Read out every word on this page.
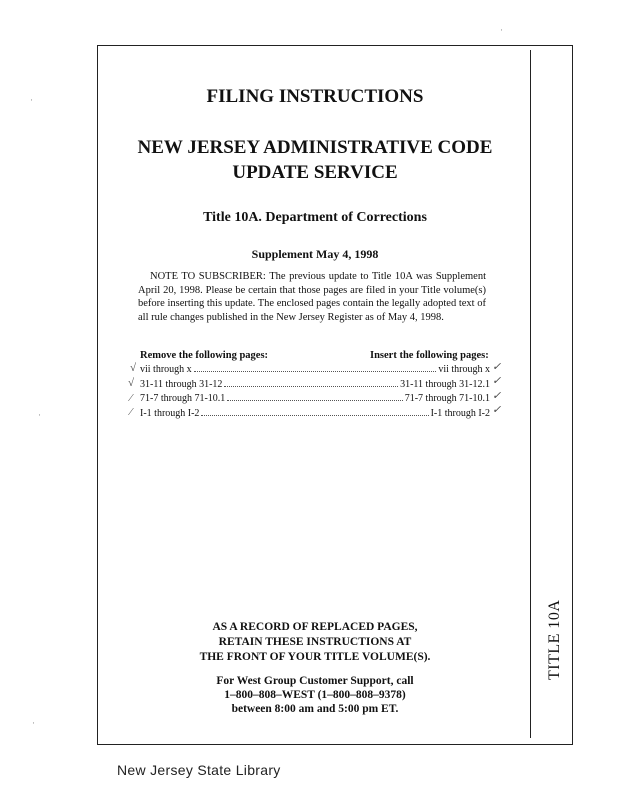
TITLE 10A
FILING INSTRUCTIONS
NEW JERSEY ADMINISTRATIVE CODE
UPDATE SERVICE
Title 10A. Department of Corrections
Supplement May 4, 1998
NOTE TO SUBSCRIBER: The previous update to Title 10A was Supplement April 20, 1998. Please be certain that those pages are filed in your Title volume(s) before inserting this update. The enclosed pages contain the legally adopted text of all rule changes published in the New Jersey Register as of May 4, 1998.
Remove the following pages:	Insert the following pages:
vii through x	vii through x
31-11 through 31-12	31-11 through 31-12.1
71-7 through 71-10.1	71-7 through 71-10.1
I-1 through I-2	I-1 through I-2
√
√
⁄
⁄
✓
✓
✓
✓
AS A RECORD OF REPLACED PAGES,
RETAIN THESE INSTRUCTIONS AT
THE FRONT OF YOUR TITLE VOLUME(S).
For West Group Customer Support, call
1–800–808–WEST (1–800–808–9378)
between 8:00 am and 5:00 pm ET.
New Jersey State Library
·
·
·
·
